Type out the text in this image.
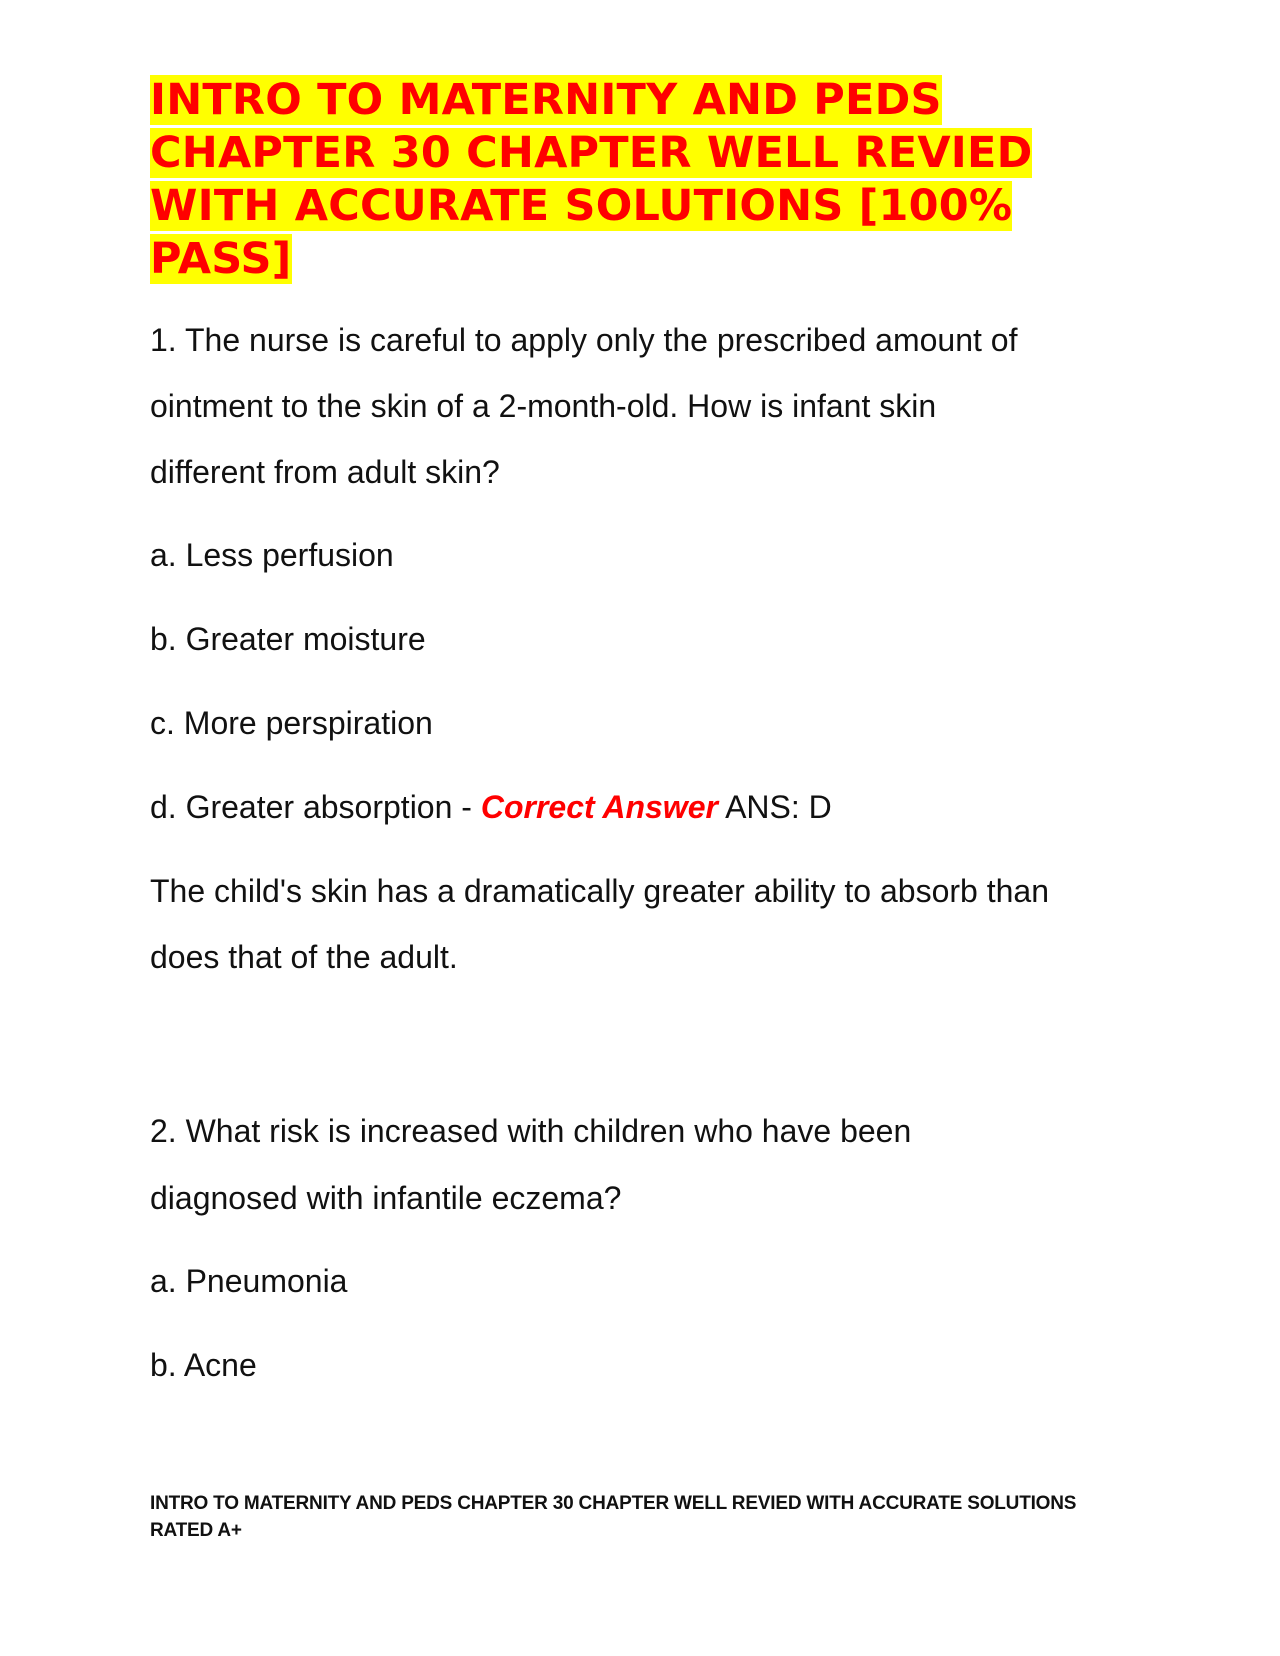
INTRO TO MATERNITY AND PEDS CHAPTER 30 CHAPTER WELL REVIED WITH ACCURATE SOLUTIONS [100% PASS]

1. The nurse is careful to apply only the prescribed amount of

ointment to the skin of a 2-month-old. How is infant skin

different from adult skin?

a. Less perfusion

b. Greater moisture

c. More perspiration

d. Greater absorption - Correct Answer ANS: D

The child's skin has a dramatically greater ability to absorb than

does that of the adult.

2. What risk is increased with children who have been

diagnosed with infantile eczema?

a. Pneumonia

b. Acne

INTRO TO MATERNITY AND PEDS CHAPTER 30 CHAPTER WELL REVIED WITH ACCURATE SOLUTIONS RATED A+
